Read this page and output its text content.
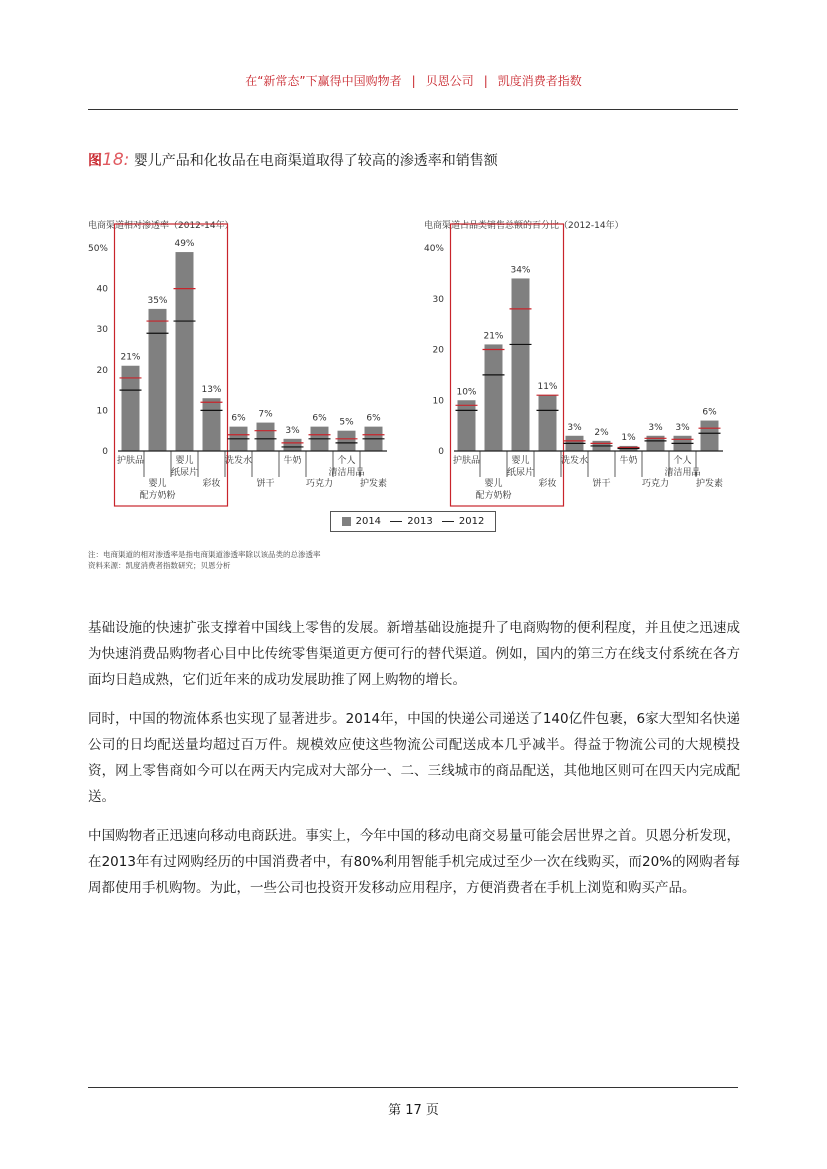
在“新常态”下赢得中国购物者 | 贝恩公司 | 凯度消费者指数
图18: 婴儿产品和化妆品在电商渠道取得了较高的渗透率和销售额
电商渠道相对渗透率（2012-14年）
0
10
20
30
40
50%
21%
护肤品
35%
婴儿
配方奶粉
49%
婴儿
纸尿片
13%
彩妆
6%
洗发水
7%
饼干
3%
牛奶
6%
巧克力
5%
个人
清洁用品
6%
护发素
电商渠道占品类销售总额的百分比（2012-14年）
0
10
20
30
40%
10%
护肤品
21%
婴儿
配方奶粉
34%
婴儿
纸尿片
11%
彩妆
3%
洗发水
2%
饼干
1%
牛奶
3%
巧克力
3%
个人
清洁用品
6%
护发素
2014	2013	2012
注：电商渠道的相对渗透率是指电商渠道渗透率除以该品类的总渗透率
资料来源：凯度消费者指数研究；贝恩分析
基础设施的快速扩张支撑着中国线上零售的发展。新增基础设施提升了电商购物的便利程度，并且使之迅速成为快速消费品购物者心目中比传统零售渠道更方便可行的替代渠道。例如，国内的第三方在线支付系统在各方面均日趋成熟，它们近年来的成功发展助推了网上购物的增长。
同时，中国的物流体系也实现了显著进步。2014年，中国的快递公司递送了140亿件包裹，6家大型知名快递公司的日均配送量均超过百万件。规模效应使这些物流公司配送成本几乎减半。得益于物流公司的大规模投资，网上零售商如今可以在两天内完成对大部分一、二、三线城市的商品配送，其他地区则可在四天内完成配送。
中国购物者正迅速向移动电商跃进。事实上，今年中国的移动电商交易量可能会居世界之首。贝恩分析发现，在2013年有过网购经历的中国消费者中，有80%利用智能手机完成过至少一次在线购买，而20%的网购者每周都使用手机购物。为此，一些公司也投资开发移动应用程序，方便消费者在手机上浏览和购买产品。
第 17 页
